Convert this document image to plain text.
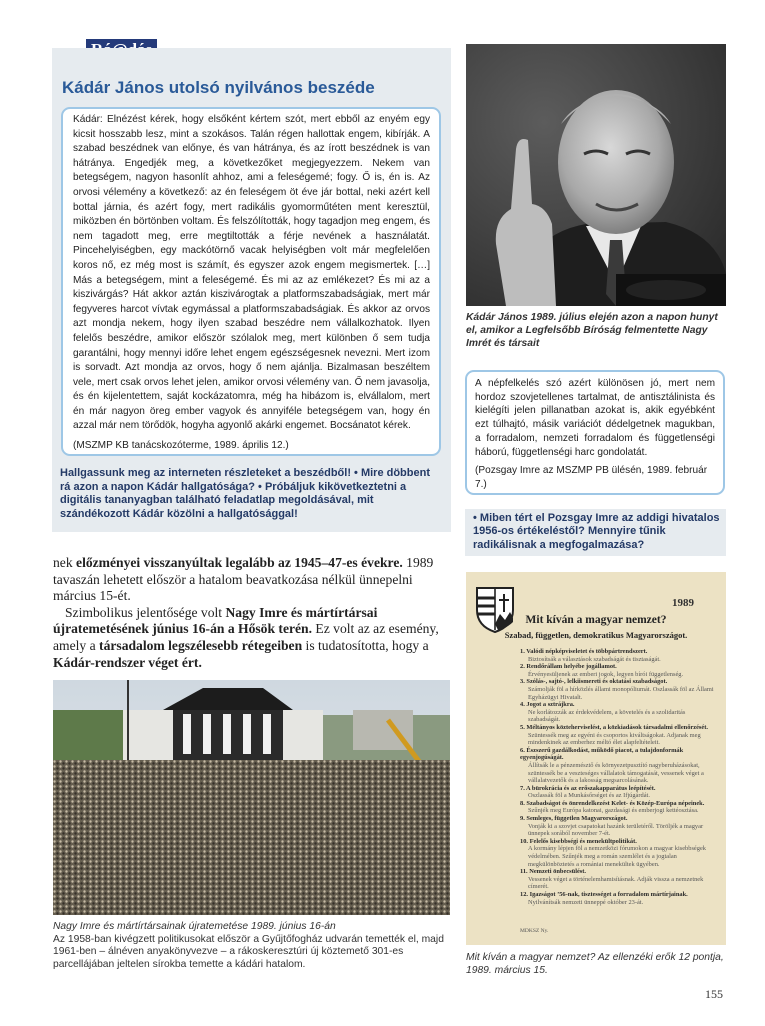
Kádár János utolsó nyilvános beszéde

Kádár: Elnézést kérek, hogy elsőként kértem szót, mert ebből az enyém egy kicsit hosszabb lesz, mint a szokásos. Talán régen hallottak engem, kibírják. A szabad beszédnek van előnye, és van hátránya, és az írott beszédnek is van hátránya. Engedjék meg, a következőket megjegyezzem. Nekem van betegségem, nagyon hasonlít ahhoz, ami a feleségemé; fogy. Ő is, én is. Az orvosi vélemény a következő: az én feleségem öt éve jár bottal, neki azért kell bottal járnia, és azért fogy, mert radikális gyomorműtéten ment keresztül, miközben én börtönben voltam. És felszólították, hogy tagadjon meg engem, és nem tagadott meg, erre megtiltották a férje nevének a használatát. Pincehelyiségben, egy mackótörnő vacak helyiségben volt már megfelelően koros nő, ez még most is számít, és egyszer azok engem megismertek. […] Más a betegségem, mint a feleségemé. És mi az az emlékezet? És mi az a kiszivárgás? Hát akkor aztán kiszivárogtak a platformszabadságiak, mert már fegyveres harcot vívtak egymással a platformszabadságiak. És akkor az orvos azt mondja nekem, hogy ilyen szabad beszédre nem vállalkozhatok. Ilyen felelős beszédre, amikor először szólalok meg, mert különben ő sem tudja garantálni, hogy mennyi időre lehet engem egészségesnek nevezni. Mert izom is sorvadt. Azt mondja az orvos, hogy ő nem ajánlja. Bizalmasan beszéltem vele, mert csak orvos lehet jelen, amikor orvosi vélemény van. Ő nem javasolja, és én kijelentettem, saját kockázatomra, még ha hibázom is, elvállalom, mert én már nagyon öreg ember vagyok és annyiféle betegségem van, hogy én azzal már nem törődök, hogyha agyonlő akárki engemet. Bocsánatot kérek.

(MSZMP KB tanácskozóterme, 1989. április 12.)

Hallgassunk meg az interneten részleteket a beszédből! • Mire döbbent rá azon a napon Kádár hallgatósága? • Próbáljuk kikövetkeztetni a digitális tananyagban található feladatlap megoldásával, mit szándékozott Kádár közölni a hallgatósággal!
Kádár János 1989. július elején azon a napon hunyt el, amikor a Legfelsőbb Bíróság felmentette Nagy Imrét és társait

A népfelkelés szó azért különösen jó, mert nem hordoz szovjetellenes tartalmat, de antisztálinista és kielégíti jelen pillanatban azokat is, akik egyébként ezt túlhajtó, másik variációt dédelgetnek magukban, a forradalom, nemzeti forradalom és függetlenségi háború, függetlenségi harc gondolatát.

(Pozsgay Imre az MSZMP PB ülésén, 1989. február 7.)

• Miben tért el Pozsgay Imre az addigi hivatalos 1956-os értékeléstől? Mennyire tűnik radikálisnak a megfogalmazása?

nek előzményei visszanyúltak legalább az 1945–47-es évekre. 1989 tavaszán lehetett először a hatalom beavatkozása nélkül ünnepelni március 15-ét.

Szimbolikus jelentősége volt Nagy Imre és mártírtársai újratemetésének június 16-án a Hősök terén. Ez volt az az esemény, amely a társadalom legszélesebb rétegeiben is tudatosította, hogy a Kádár-rendszer véget ért.

Nagy Imre és mártírtársainak újratemetése 1989. június 16-án
Az 1958-ban kivégzett politikusokat először a Gyűjtőfogház udvarán temették el, majd 1961-ben – álnéven anyakönyvezve – a rákoskeresztúri új köztemető 301-es parcellájában jeltelen sírokba temette a kádári hatalom.
1989
Mit kíván a magyar nemzet?
Szabad, független, demokratikus Magyarországot.
1. Valódi népképviseletet és többpártrendszert.
Biztosítsák a választások szabadságát és tisztaságát.
2. Rendőrállam helyébe jogállamot.
Érvényesüljenek az emberi jogok, legyen bírói függetlenség.
3. Szólás-, sajtó-, lelkiismereti és oktatási szabadságot.
Számolják föl a hírközlés állami monopóliumát. Oszlassák föl az Állami Egyházügyi Hivatalt.
4. Jogot a sztrájkra.
Ne korlátozzák az érdekvédelem, a követelés és a szolidaritás szabadságát.
5. Méltányos közteherviselést, a közkiadások társadalmi ellenőrzését.
Szüntessék meg az egyéni és csoportos kiváltságokat. Adjanak meg mindenkinek az emberhez méltó élet alapfeltételeit.
6. Észszerű gazdálkodást, működő piacot, a tulajdonformák egyenjogúságát.
Állítsák le a pénzemésztő és környezetpusztító nagyberuházásokat, szüntessék be a veszteséges vállalatok támogatását, vessenek véget a vállalatvezetők és a lakosság megsarcolásának.
7. A bürokrácia és az erőszakapparátus leépítését.
Oszlassák föl a Munkásőrséget és az Ifjúgárdát.
8. Szabadságot és önrendelkezést Kelet- és Közép-Európa népeinek.
Szűnjék meg Európa katonai, gazdasági és emberjogi kettéosztása.
9. Semleges, független Magyarországot.
Vonják ki a szovjet csapatokat hazánk területéről. Töröljék a magyar ünnepek sorából november 7-ét.
10. Felelős kisebbségi és menekültpolitikát.
A kormány lépjen föl a nemzetközi fórumokon a magyar kisebbségek védelmében. Szűnjék meg a román szemlélet és a jogtalan megkülönböztetés a romániai menekültek ügyében.
11. Nemzeti önbecsülést.
Vessenek véget a történelemhamisításnak. Adják vissza a nemzetnek címerét.
12. Igazságot ’56-nak, tisztességet a forradalom mártírjainak.
Nyilvánítsák nemzeti ünneppé október 23-át.
MDKSZ Ny.
Mit kíván a magyar nemzet? Az ellenzéki erők 12 pontja, 1989. március 15.
155
